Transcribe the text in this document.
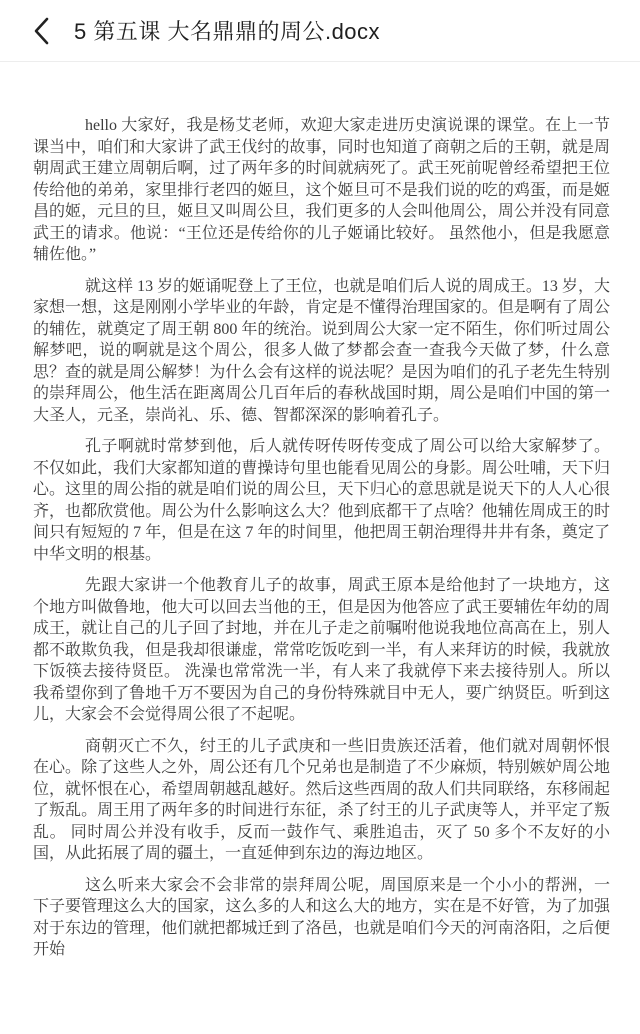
5 第五课 大名鼎鼎的周公.docx

hello 大家好，我是杨艾老师，欢迎大家走进历史演说课的课堂。在上一节课当中，咱们和大家讲了武王伐纣的故事，同时也知道了商朝之后的王朝，就是周朝周武王建立周朝后啊，过了两年多的时间就病死了。武王死前呢曾经希望把王位传给他的弟弟，家里排行老四的姬旦，这个姬旦可不是我们说的吃的鸡蛋，而是姬昌的姬，元旦的旦，姬旦又叫周公旦，我们更多的人会叫他周公，周公并没有同意武王的请求。他说：“王位还是传给你的儿子姬诵比较好。 虽然他小，但是我愿意辅佐他。”

就这样 13 岁的姬诵呢登上了王位，也就是咱们后人说的周成王。13 岁，大家想一想，这是刚刚小学毕业的年龄，肯定是不懂得治理国家的。但是啊有了周公的辅佐，就奠定了周王朝 800 年的统治。说到周公大家一定不陌生，你们听过周公解梦吧，说的啊就是这个周公，很多人做了梦都会查一查我今天做了梦，什么意思？查的就是周公解梦！为什么会有这样的说法呢？是因为咱们的孔子老先生特别的崇拜周公，他生活在距离周公几百年后的春秋战国时期，周公是咱们中国的第一大圣人，元圣，崇尚礼、乐、德、智都深深的影响着孔子。

孔子啊就时常梦到他，后人就传呀传呀传变成了周公可以给大家解梦了。不仅如此，我们大家都知道的曹操诗句里也能看见周公的身影。周公吐哺，天下归心。这里的周公指的就是咱们说的周公旦，天下归心的意思就是说天下的人人心很齐，也都欣赏他。周公为什么影响这么大？他到底都干了点啥？他辅佐周成王的时间只有短短的 7 年，但是在这 7 年的时间里，他把周王朝治理得井井有条，奠定了中华文明的根基。

先跟大家讲一个他教育儿子的故事，周武王原本是给他封了一块地方，这个地方叫做鲁地，他大可以回去当他的王，但是因为他答应了武王要辅佐年幼的周成王，就让自己的儿子回了封地，并在儿子走之前嘱咐他说我地位高高在上，别人都不敢欺负我，但是我却很谦虚，常常吃饭吃到一半，有人来拜访的时候，我就放下饭筷去接待贤臣。 洗澡也常常洗一半，有人来了我就停下来去接待别人。所以我希望你到了鲁地千万不要因为自己的身份特殊就目中无人，要广纳贤臣。听到这儿，大家会不会觉得周公很了不起呢。

商朝灭亡不久，纣王的儿子武庚和一些旧贵族还活着，他们就对周朝怀恨在心。除了这些人之外，周公还有几个兄弟也是制造了不少麻烦，特别嫉妒周公地位，就怀恨在心，希望周朝越乱越好。然后这些西周的敌人们共同联络，东移闹起了叛乱。周王用了两年多的时间进行东征，杀了纣王的儿子武庚等人，并平定了叛乱。 同时周公并没有收手，反而一鼓作气、乘胜追击，灭了 50 多个不友好的小国，从此拓展了周的疆土，一直延伸到东边的海边地区。

这么听来大家会不会非常的崇拜周公呢，周国原来是一个小小的帮洲，一下子要管理这么大的国家，这么多的人和这么大的地方，实在是不好管，为了加强对于东边的管理，他们就把都城迁到了洛邑，也就是咱们今天的河南洛阳，之后便开始
